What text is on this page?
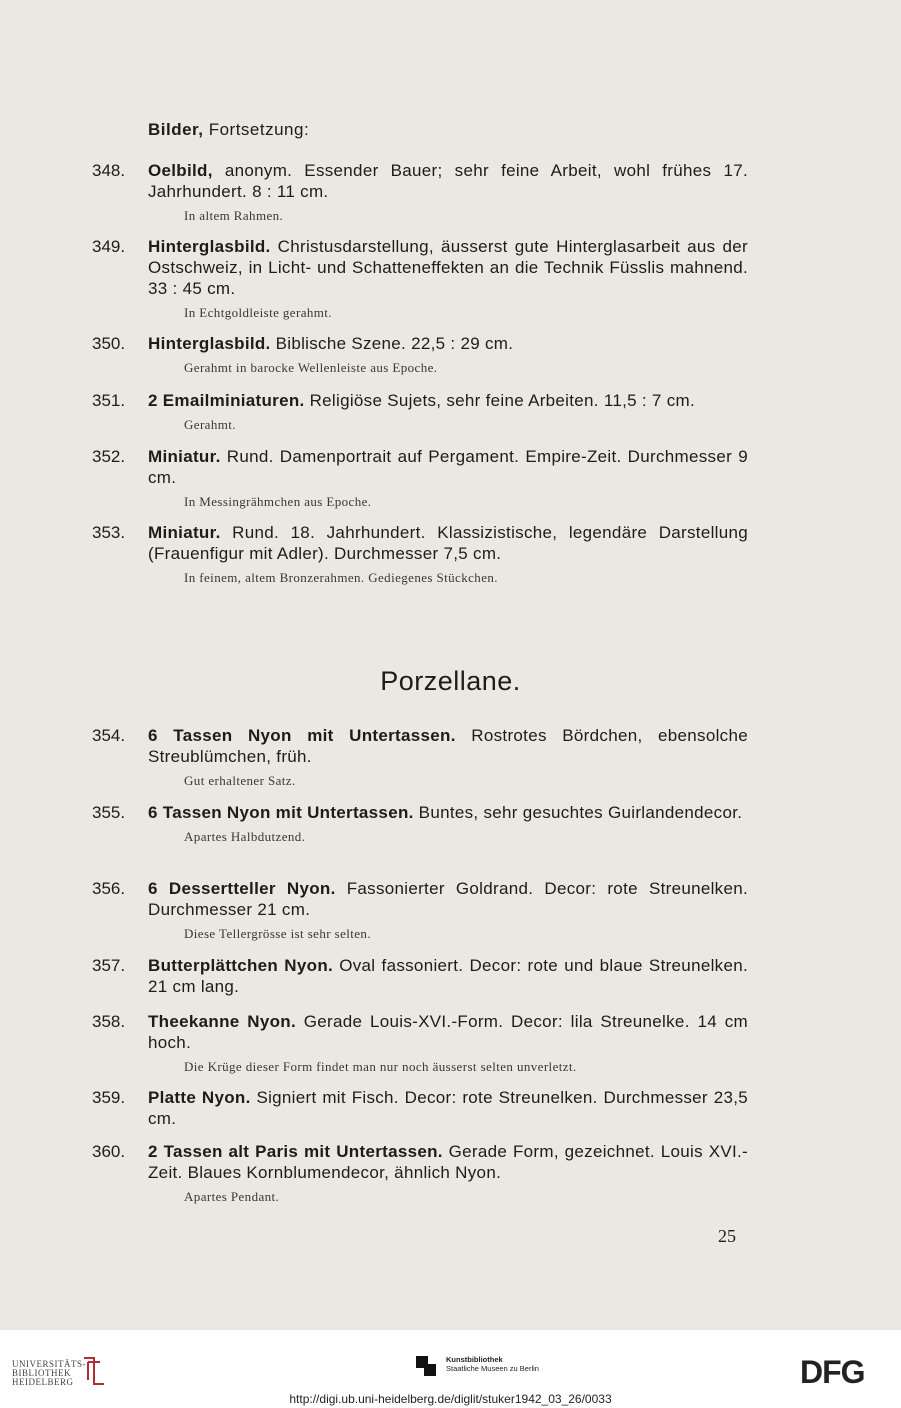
Bilder, Fortsetzung:
348.	Oelbild, anonym. Essender Bauer; sehr feine Arbeit, wohl frühes 17. Jahrhundert. 8 : 11 cm.
In altem Rahmen.
349.	Hinterglasbild. Christusdarstellung, äusserst gute Hinterglasarbeit aus der Ostschweiz, in Licht- und Schatteneffekten an die Technik Füsslis mahnend. 33 : 45 cm.
In Echtgoldleiste gerahmt.
350.	Hinterglasbild. Biblische Szene. 22,5 : 29 cm.
Gerahmt in barocke Wellenleiste aus Epoche.
351.	2 Emailminiaturen. Religiöse Sujets, sehr feine Arbeiten. 11,5 : 7 cm.
Gerahmt.
352.	Miniatur. Rund. Damenportrait auf Pergament. Empire-Zeit. Durchmesser 9 cm.
In Messingrähmchen aus Epoche.
353.	Miniatur. Rund. 18. Jahrhundert. Klassizistische, legendäre Darstellung (Frauenfigur mit Adler). Durchmesser 7,5 cm.
In feinem, altem Bronzerahmen. Gediegenes Stückchen.
Porzellane.
354.	6 Tassen Nyon mit Untertassen. Rostrotes Bördchen, ebensolche Streublümchen, früh.
Gut erhaltener Satz.
355.	6 Tassen Nyon mit Untertassen. Buntes, sehr gesuchtes Guirlandendecor.
Apartes Halbdutzend.
356.	6 Dessertteller Nyon. Fassonierter Goldrand. Decor: rote Streunelken. Durchmesser 21 cm.
Diese Tellergrösse ist sehr selten.
357.	Butterplättchen Nyon. Oval fassoniert. Decor: rote und blaue Streunelken. 21 cm lang.
358.	Theekanne Nyon. Gerade Louis-XVI.-Form. Decor: lila Streunelke. 14 cm hoch.
Die Krüge dieser Form findet man nur noch äusserst selten unverletzt.
359.	Platte Nyon. Signiert mit Fisch. Decor: rote Streunelken. Durchmesser 23,5 cm.
360.	2 Tassen alt Paris mit Untertassen. Gerade Form, gezeichnet. Louis XVI.-Zeit. Blaues Kornblumendecor, ähnlich Nyon.
Apartes Pendant.
25
UNIVERSITÄTS-
BIBLIOTHEK
HEIDELBERG
Kunstbibliothek
Staatliche Museen zu Berlin	DFG
http://digi.ub.uni-heidelberg.de/diglit/stuker1942_03_26/0033
